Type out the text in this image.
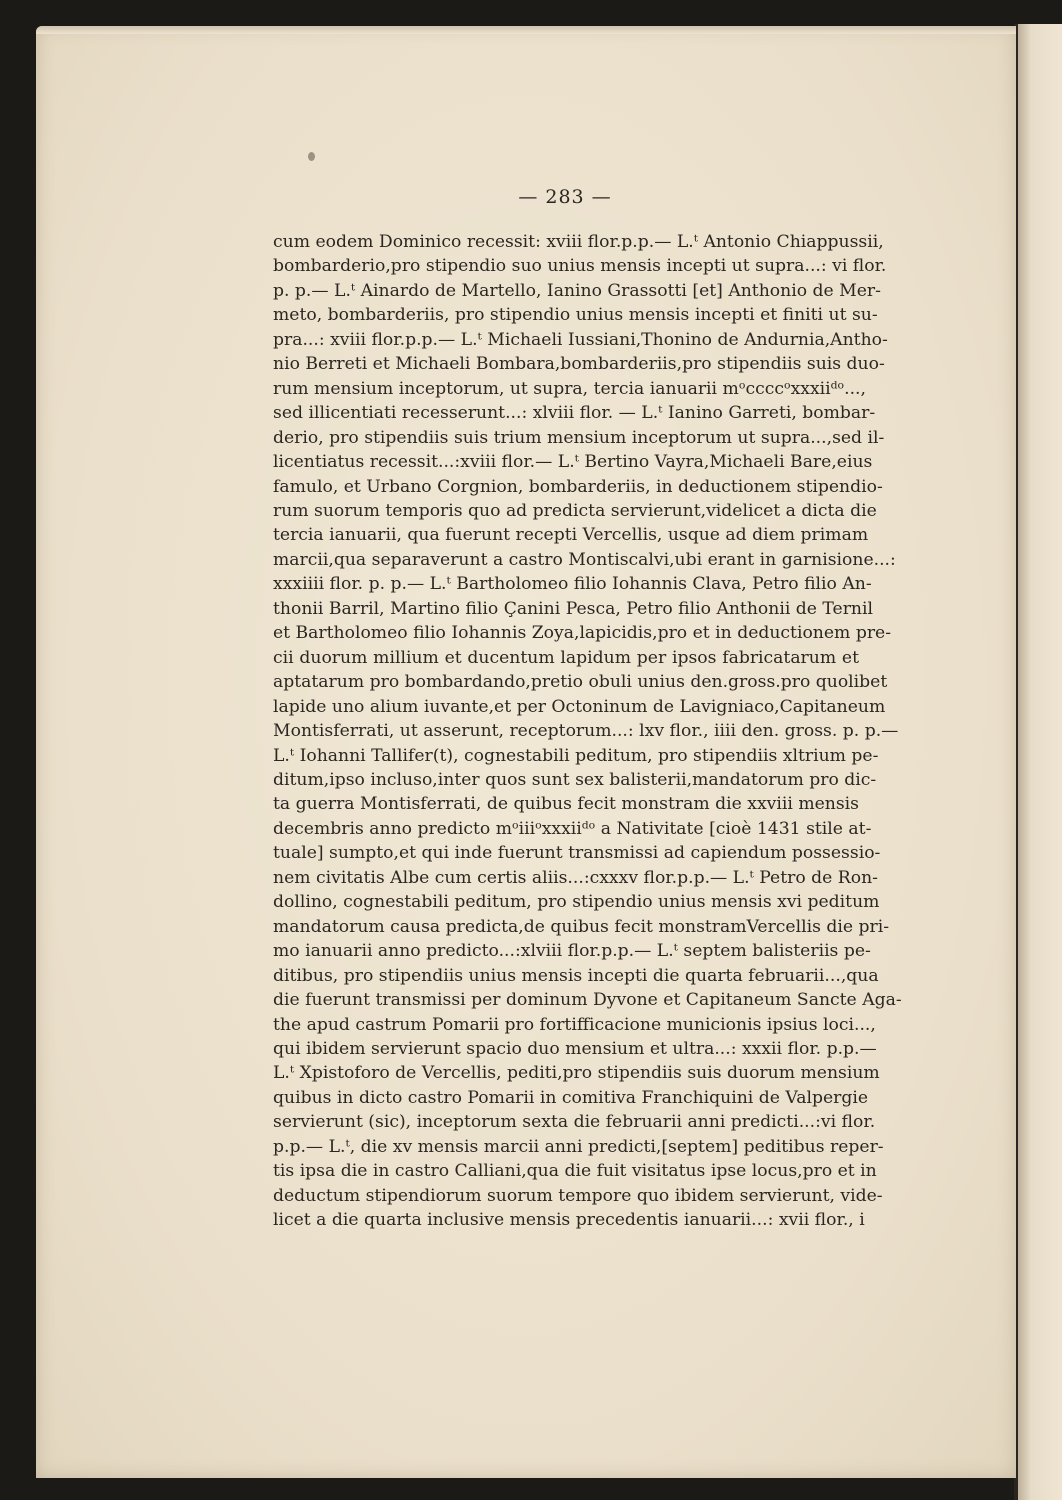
— 283 —
cum eodem Dominico recessit: xviii flor.p.p.— L.ᵗ Antonio Chiappussii,
bombarderio,pro stipendio suo unius mensis incepti ut supra...: vi flor.
p. p.— L.ᵗ Ainardo de Martello, Ianino Grassotti [et] Anthonio de Mer-
meto, bombarderiis, pro stipendio unius mensis incepti et finiti ut su-
pra...: xviii flor.p.p.— L.ᵗ Michaeli Iussiani,Thonino de Andurnia,Antho-
nio Berreti et Michaeli Bombara,bombarderiis,pro stipendiis suis duo-
rum mensium inceptorum, ut supra, tercia ianuarii mᵒccccᵒxxxiiᵈᵒ...,
sed illicentiati recesserunt...: xlviii flor. — L.ᵗ Ianino Garreti, bombar-
derio, pro stipendiis suis trium mensium inceptorum ut supra...,sed il-
licentiatus recessit...:xviii flor.— L.ᵗ Bertino Vayra,Michaeli Bare,eius
famulo, et Urbano Corgnion, bombarderiis, in deductionem stipendio-
rum suorum temporis quo ad predicta servierunt,videlicet a dicta die
tercia ianuarii, qua fuerunt recepti Vercellis, usque ad diem primam
marcii,qua separaverunt a castro Montiscalvi,ubi erant in garnisione...:
xxxiiii flor. p. p.— L.ᵗ Bartholomeo filio Iohannis Clava, Petro filio An-
thonii Barril, Martino filio Çanini Pesca, Petro filio Anthonii de Ternil
et Bartholomeo filio Iohannis Zoya,lapicidis,pro et in deductionem pre-
cii duorum millium et ducentum lapidum per ipsos fabricatarum et
aptatarum pro bombardando,pretio obuli unius den.gross.pro quolibet
lapide uno alium iuvante,et per Octoninum de Lavigniaco,Capitaneum
Montisferrati, ut asserunt, receptorum...: lxv flor., iiii den. gross. p. p.—
L.ᵗ Iohanni Tallifer(t), cognestabili peditum, pro stipendiis xltrium pe-
ditum,ipso incluso,inter quos sunt sex balisterii,mandatorum pro dic-
ta guerra Montisferrati, de quibus fecit monstram die xxviii mensis
decembris anno predicto mᵒiiiᵒxxxiiᵈᵒ a Nativitate [cioè 1431 stile at-
tuale] sumpto,et qui inde fuerunt transmissi ad capiendum possessio-
nem civitatis Albe cum certis aliis...:cxxxv flor.p.p.— L.ᵗ Petro de Ron-
dollino, cognestabili peditum, pro stipendio unius mensis xvi peditum
mandatorum causa predicta,de quibus fecit monstramVercellis die pri-
mo ianuarii anno predicto...:xlviii flor.p.p.— L.ᵗ septem balisteriis pe-
ditibus, pro stipendiis unius mensis incepti die quarta februarii...,qua
die fuerunt transmissi per dominum Dyvone et Capitaneum Sancte Aga-
the apud castrum Pomarii pro fortifficacione municionis ipsius loci...,
qui ibidem servierunt spacio duo mensium et ultra...: xxxii flor. p.p.—
L.ᵗ Xpistoforo de Vercellis, pediti,pro stipendiis suis duorum mensium
quibus in dicto castro Pomarii in comitiva Franchiquini de Valpergie
servierunt (sic), inceptorum sexta die februarii anni predicti...:vi flor.
p.p.— L.ᵗ, die xv mensis marcii anni predicti,[septem] peditibus reper-
tis ipsa die in castro Calliani,qua die fuit visitatus ipse locus,pro et in
deductum stipendiorum suorum tempore quo ibidem servierunt, vide-
licet a die quarta inclusive mensis precedentis ianuarii...: xvii flor., i
